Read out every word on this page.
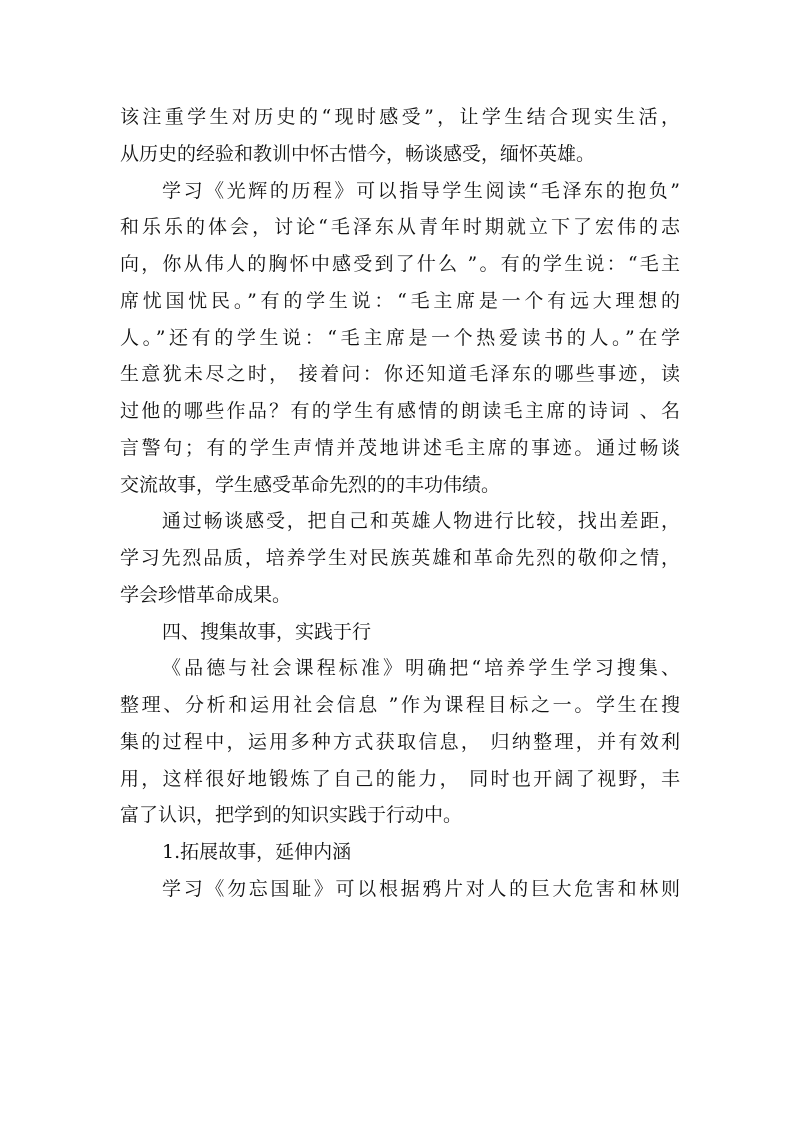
该注重学生对历史的“现时感受”，让学生结合现实生活，
从历史的经验和教训中怀古惜今，畅谈感受，缅怀英雄。
学习《光辉的历程》可以指导学生阅读“毛泽东的抱负”
和乐乐的体会，讨论“毛泽东从青年时期就立下了宏伟的志
向，你从伟人的胸怀中感受到了什么 ”。有的学生说：“毛主
席忧国忧民。”有的学生说：“毛主席是一个有远大理想的
人。”还有的学生说：“毛主席是一个热爱读书的人。”在学
生意犹未尽之时， 接着问：你还知道毛泽东的哪些事迹，读
过他的哪些作品？有的学生有感情的朗读毛主席的诗词 、名
言警句；有的学生声情并茂地讲述毛主席的事迹。通过畅谈
交流故事，学生感受革命先烈的的丰功伟绩。
通过畅谈感受，把自己和英雄人物进行比较，找出差距，
学习先烈品质，培养学生对民族英雄和革命先烈的敬仰之情，
学会珍惜革命成果。
四、搜集故事，实践于行
《品德与社会课程标准》明确把“培养学生学习搜集、
整理、分析和运用社会信息 ”作为课程目标之一。学生在搜
集的过程中，运用多种方式获取信息， 归纳整理，并有效利
用，这样很好地锻炼了自己的能力， 同时也开阔了视野，丰
富了认识，把学到的知识实践于行动中。
1.拓展故事，延伸内涵
学习《勿忘国耻》可以根据鸦片对人的巨大危害和林则
